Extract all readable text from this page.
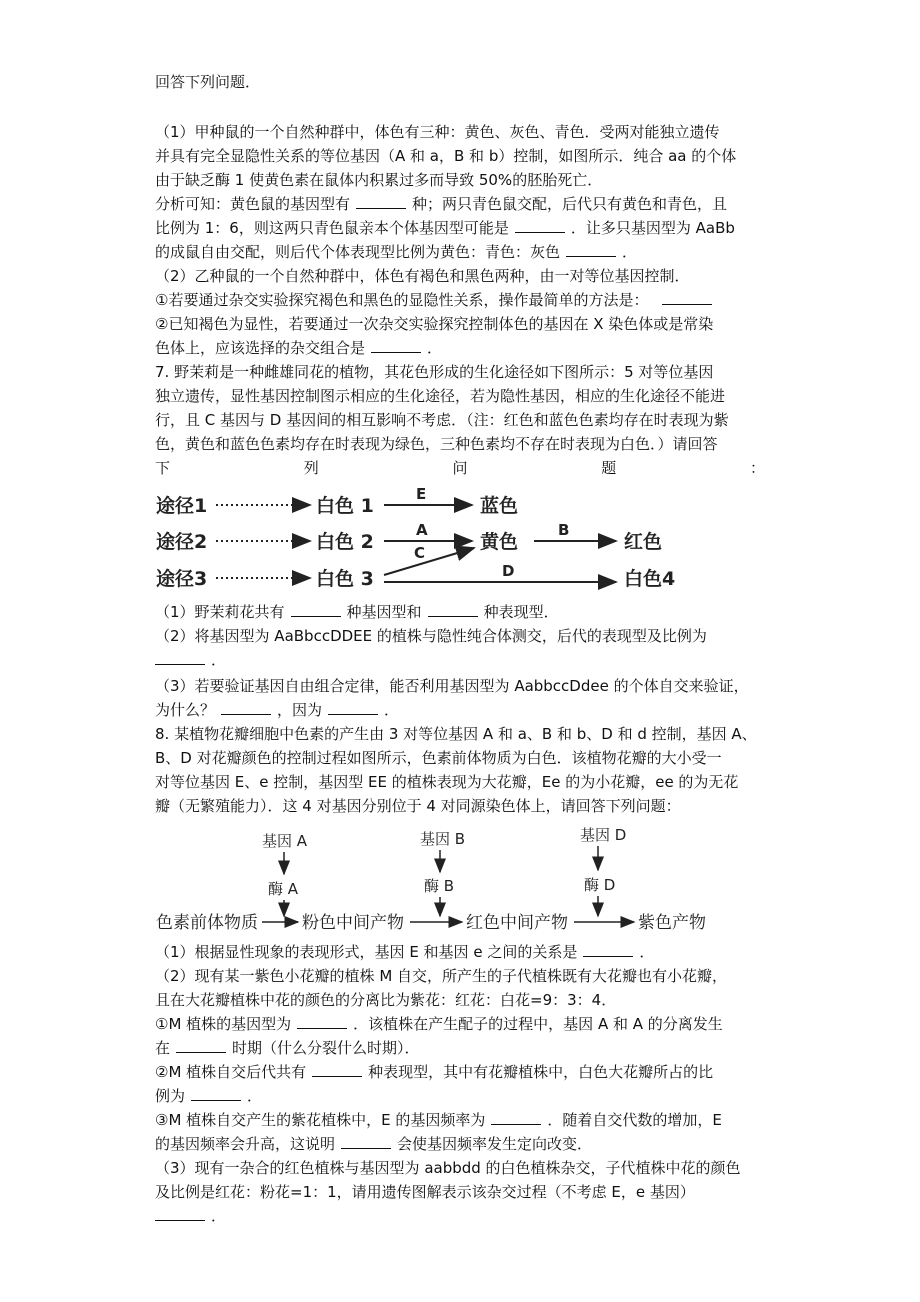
回答下列问题．
（1）甲种鼠的一个自然种群中，体色有三种：黄色、灰色、青色．受两对能独立遗传
并具有完全显隐性关系的等位基因（A 和 a，B 和 b）控制，如图所示．纯合 aa 的个体
由于缺乏酶 1 使黄色素在鼠体内积累过多而导致 50%的胚胎死亡．
分析可知：黄色鼠的基因型有	种；两只青色鼠交配，后代只有黄色和青色，且
比例为 1：6，则这两只青色鼠亲本个体基因型可能是	．让多只基因型为 AaBb
的成鼠自由交配，则后代个体表现型比例为黄色：青色：灰色	．
（2）乙种鼠的一个自然种群中，体色有褐色和黑色两种，由一对等位基因控制．
①若要通过杂交实验探究褐色和黑色的显隐性关系，操作最简单的方法是：
②已知褐色为显性，若要通过一次杂交实验探究控制体色的基因在 X 染色体或是常染
色体上，应该选择的杂交组合是	．
7. 野茉莉是一种雌雄同花的植物，其花色形成的生化途径如下图所示：5 对等位基因
独立遗传，显性基因控制图示相应的生化途径，若为隐性基因，相应的生化途径不能进
行，且 C 基因与 D 基因间的相互影响不考虑．（注：红色和蓝色色素均存在时表现为紫
色，黄色和蓝色色素均存在时表现为绿色，三种色素均不存在时表现为白色．）请回答
下	列	问	题	：
途径1
途径2
途径3
白色 1
白色 2
白色 3
蓝色
黄色	红色
白色4
E
A
C
B
D
（1）野茉莉花共有	种基因型和	种表现型．
（2）将基因型为 AaBbccDDEE 的植株与隐性纯合体测交，后代的表现型及比例为
．
（3）若要验证基因自由组合定律，能否利用基因型为 AabbccDdee 的个体自交来验证，
为什么？	，因为	．
8. 某植物花瓣细胞中色素的产生由 3 对等位基因 A 和 a、B 和 b、D 和 d 控制，基因 A、
B、D 对花瓣颜色的控制过程如图所示，色素前体物质为白色．该植物花瓣的大小受一
对等位基因 E、e 控制，基因型 EE 的植株表现为大花瓣，Ee 的为小花瓣，ee 的为无花
瓣（无繁殖能力）．这 4 对基因分别位于 4 对同源染色体上，请回答下列问题：
基因 A	基因 B	基因 D
酶 A	酶 B	酶 D
色素前体物质	粉色中间产物	红色中间产物	紫色产物
（1）根据显性现象的表现形式，基因 E 和基因 e 之间的关系是	．
（2）现有某一紫色小花瓣的植株 M 自交，所产生的子代植株既有大花瓣也有小花瓣，
且在大花瓣植株中花的颜色的分离比为紫花：红花：白花=9：3：4．
①M 植株的基因型为	．该植株在产生配子的过程中，基因 A 和 A 的分离发生
在	时期（什么分裂什么时期）．
②M 植株自交后代共有	种表现型，其中有花瓣植株中，白色大花瓣所占的比
例为	．
③M 植株自交产生的紫花植株中，E 的基因频率为	．随着自交代数的增加，E
的基因频率会升高，这说明	会使基因频率发生定向改变．
（3）现有一杂合的红色植株与基因型为 aabbdd 的白色植株杂交，子代植株中花的颜色
及比例是红花：粉花=1：1，请用遗传图解表示该杂交过程（不考虑 E，e 基因）
．
